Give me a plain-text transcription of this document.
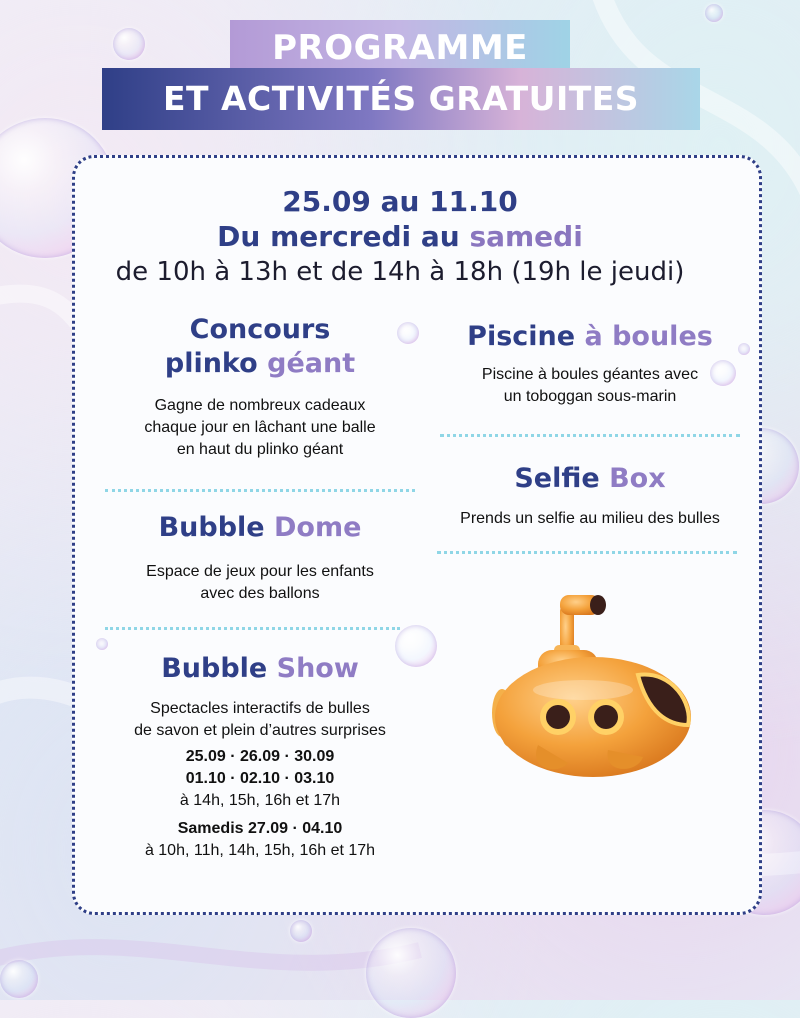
PROGRAMME
ET ACTIVITÉS GRATUITES
25.09 au 11.10
Du mercredi au samedi
de 10h à 13h et de 14h à 18h (19h le jeudi)
Concours
plinko géant
Gagne de nombreux cadeaux
chaque jour en lâchant une balle
en haut du plinko géant
Bubble Dome
Espace de jeux pour les enfants
avec des ballons
Bubble Show
Spectacles interactifs de bulles
de savon et plein d’autres surprises
25.09 · 26.09 · 30.09
01.10 · 02.10 · 03.10
à 14h, 15h, 16h et 17h
Samedis 27.09 · 04.10
à 10h, 11h, 14h, 15h, 16h et 17h
Piscine à boules
Piscine à boules géantes avec
un toboggan sous-marin
Selfie Box
Prends un selfie au milieu des bulles
